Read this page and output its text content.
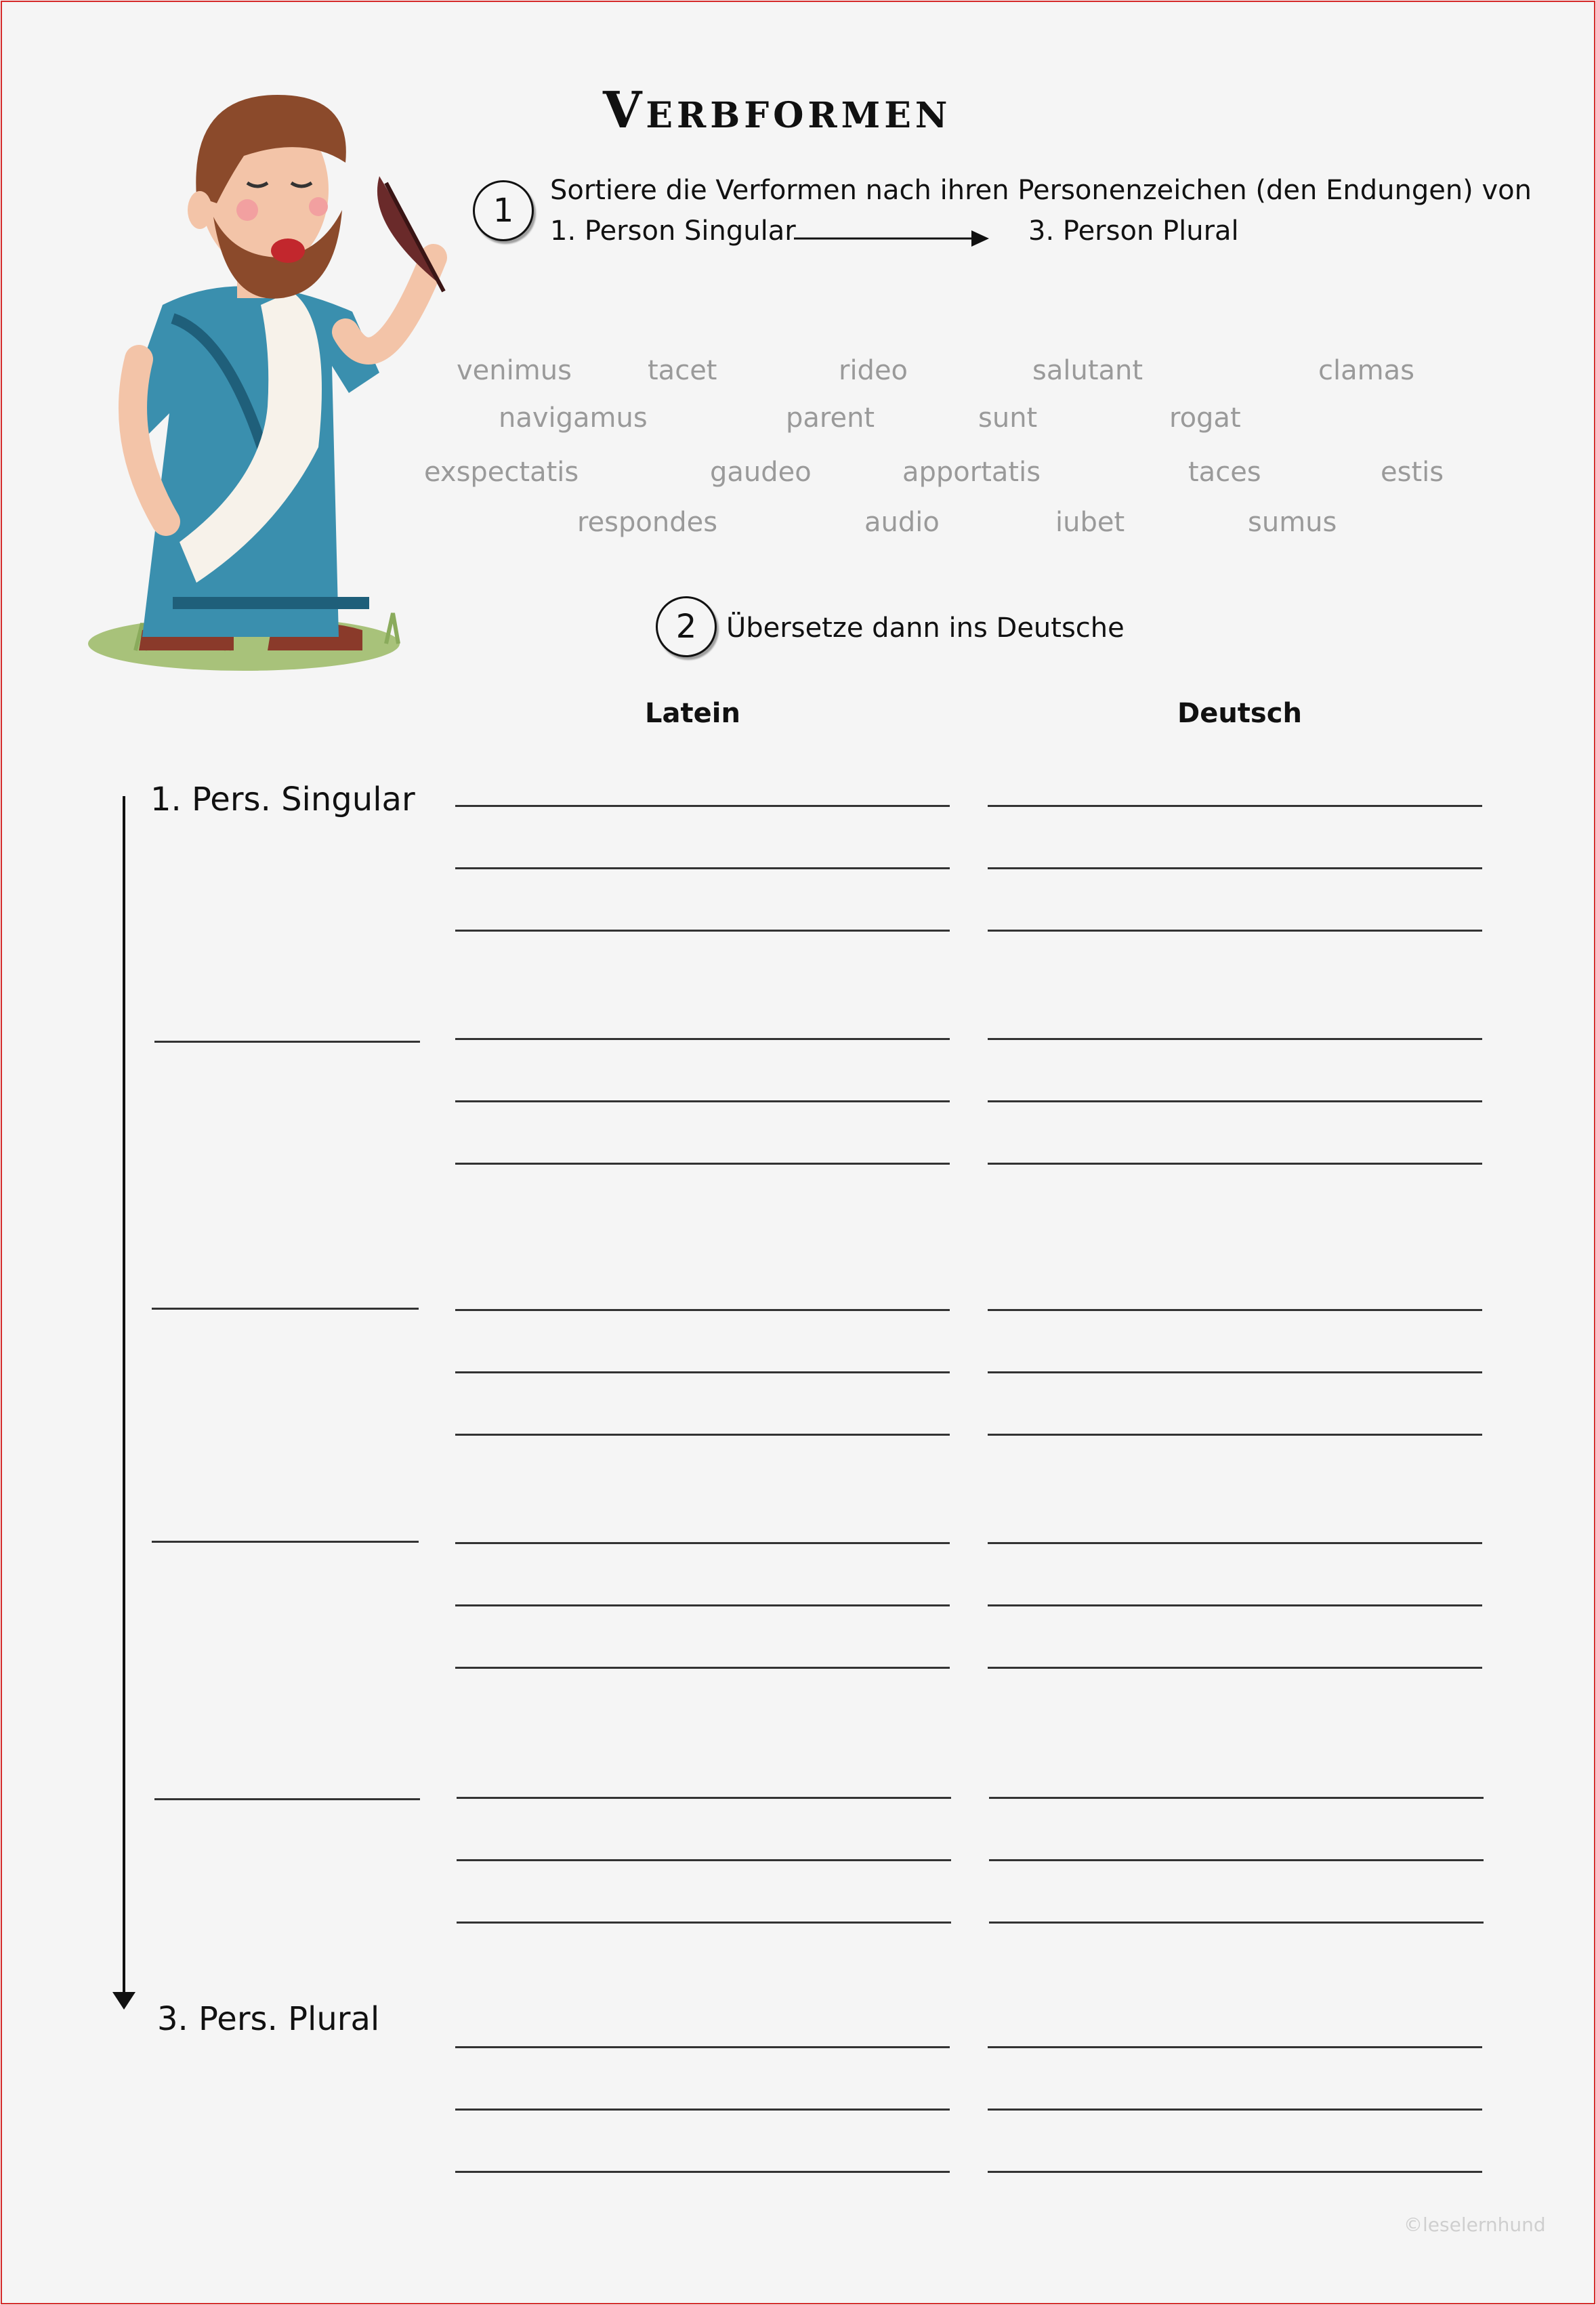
Verbformen
1
Sortiere die Verformen nach ihren Personenzeichen (den Endungen) von
1. Person Singular	3. Person Plural
venimus	tacet	rideo	salutant	clamas
navigamus	parent	sunt	rogat
exspectatis	gaudeo	apportatis	taces	estis
respondes	audio	iubet	sumus
2	Übersetze dann ins Deutsche
Latein	Deutsch
1. Pers. Singular
3. Pers. Plural
©leselernhund
